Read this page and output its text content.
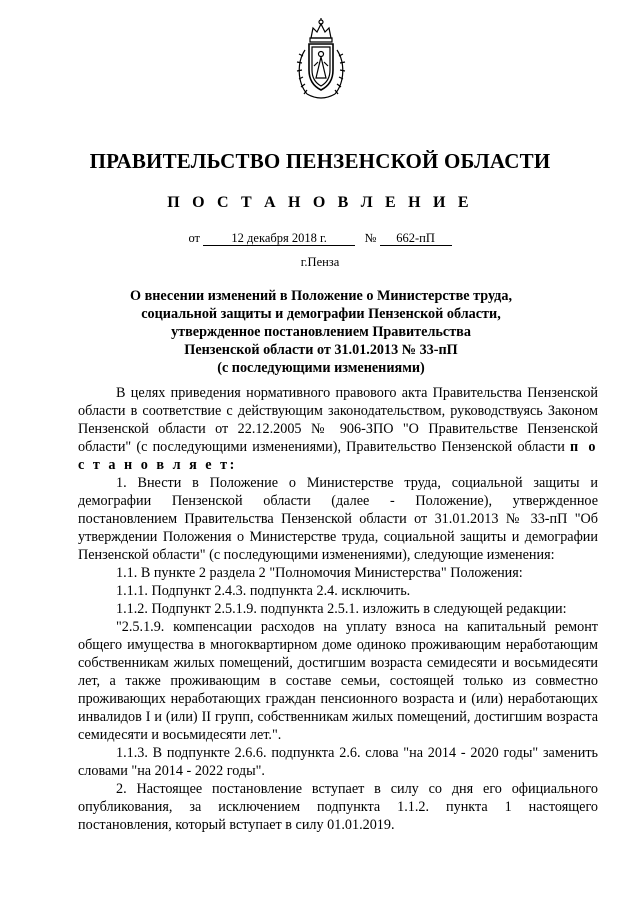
ПРАВИТЕЛЬСТВО ПЕНЗЕНСКОЙ ОБЛАСТИ
П О С Т А Н О В Л Е Н И Е
от	12 декабря 2018 г.	№ 662-пП
г.Пенза
О внесении изменений в Положение о Министерстве труда,
социальной защиты и демографии Пензенской области,
утвержденное постановлением Правительства
Пензенской области от 31.01.2013 № 33-пП
(с последующими изменениями)

В целях приведения нормативного правового акта Правительства Пензенской области в соответствие с действующим законодательством, руководствуясь Законом Пензенской области от 22.12.2005 № 906-ЗПО "О Правительстве Пензенской области" (с последующими изменениями), Правительство Пензенской области п о с т а н о в л я е т:

1. Внести в Положение о Министерстве труда, социальной защиты и демографии Пензенской области (далее - Положение), утвержденное постановлением Правительства Пензенской области от 31.01.2013 № 33-пП "Об утверждении Положения о Министерстве труда, социальной защиты и демографии Пензенской области" (с последующими изменениями), следующие изменения:

1.1. В пункте 2 раздела 2 "Полномочия Министерства" Положения:

1.1.1. Подпункт 2.4.3. подпункта 2.4. исключить.

1.1.2. Подпункт 2.5.1.9. подпункта 2.5.1. изложить в следующей редакции:

"2.5.1.9. компенсации расходов на уплату взноса на капитальный ремонт общего имущества в многоквартирном доме одиноко проживающим неработающим собственникам жилых помещений, достигшим возраста семидесяти и восьмидесяти лет, а также проживающим в составе семьи, состоящей только из совместно проживающих неработающих граждан пенсионного возраста и (или) неработающих инвалидов I и (или) II групп, собственникам жилых помещений, достигшим возраста семидесяти и восьмидесяти лет.".

1.1.3. В подпункте 2.6.6. подпункта 2.6. слова "на 2014 - 2020 годы" заменить словами "на 2014 - 2022 годы".

2. Настоящее постановление вступает в силу со дня его официального опубликования, за исключением подпункта 1.1.2. пункта 1 настоящего постановления, который вступает в силу 01.01.2019.
